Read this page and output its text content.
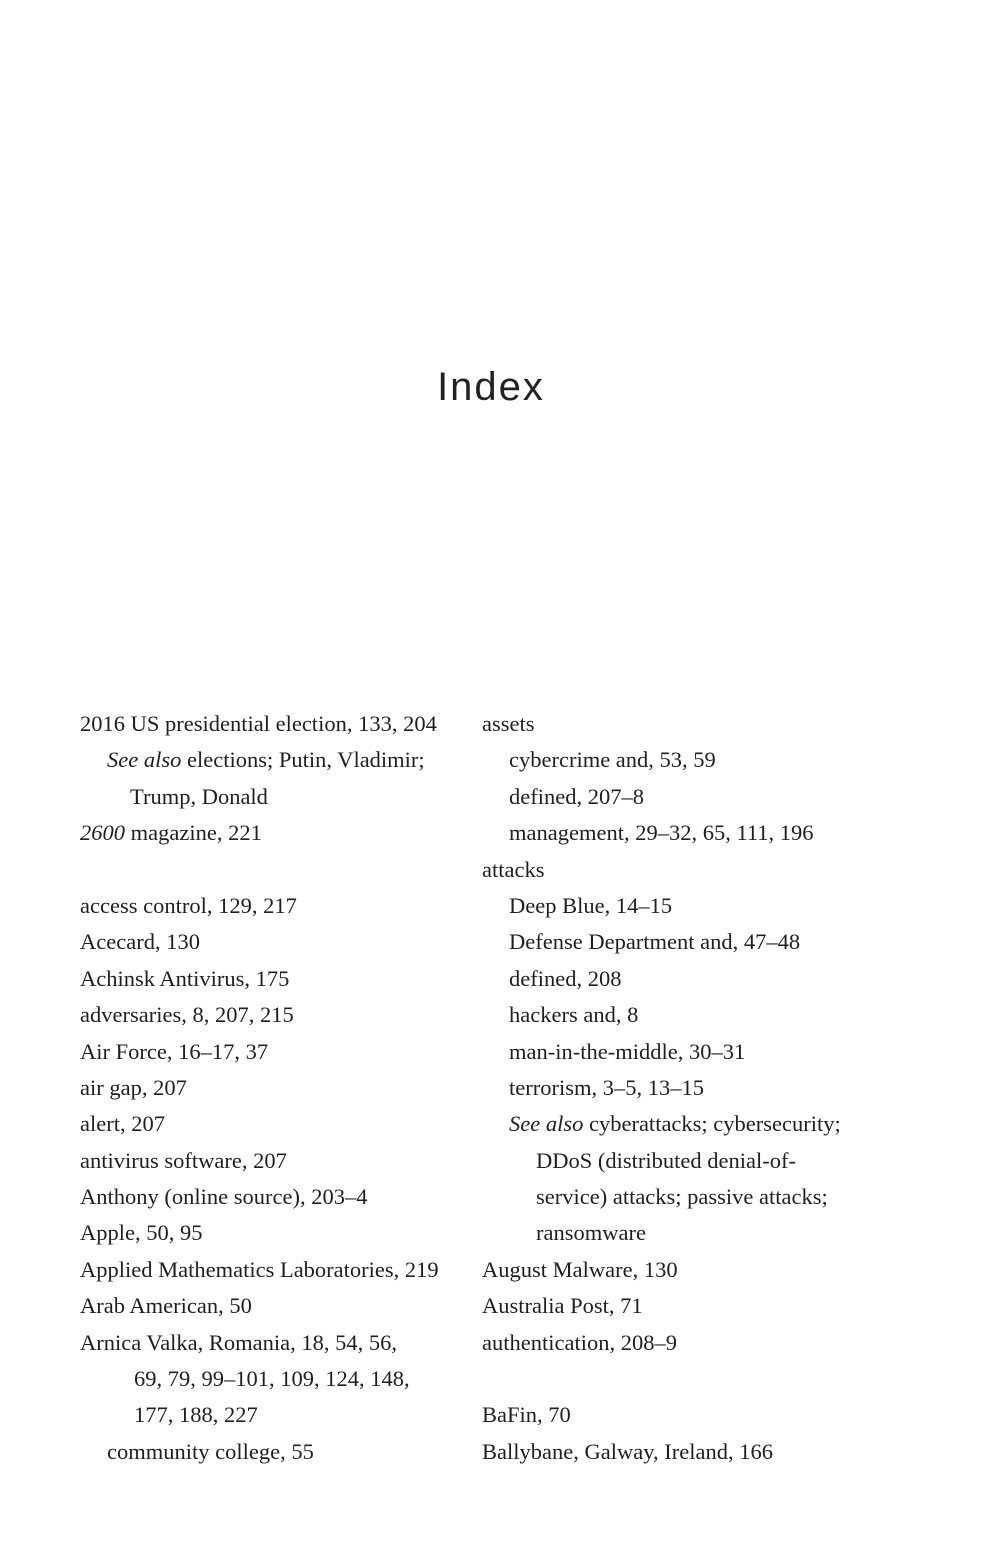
Index
2016 US presidential election, 133, 204
See also elections; Putin, Vladimir;
Trump, Donald
2600 magazine, 221
access control, 129, 217
Acecard, 130
Achinsk Antivirus, 175
adversaries, 8, 207, 215
Air Force, 16–17, 37
air gap, 207
alert, 207
antivirus software, 207
Anthony (online source), 203–4
Apple, 50, 95
Applied Mathematics Laboratories, 219
Arab American, 50
Arnica Valka, Romania, 18, 54, 56,
69, 79, 99–101, 109, 124, 148,
177, 188, 227
community college, 55
assets
cybercrime and, 53, 59
defined, 207–8
management, 29–32, 65, 111, 196
attacks
Deep Blue, 14–15
Defense Department and, 47–48
defined, 208
hackers and, 8
man-in-the-middle, 30–31
terrorism, 3–5, 13–15
See also cyberattacks; cybersecurity;
DDoS (distributed denial-of-
service) attacks; passive attacks;
ransomware
August Malware, 130
Australia Post, 71
authentication, 208–9
BaFin, 70
Ballybane, Galway, Ireland, 166
